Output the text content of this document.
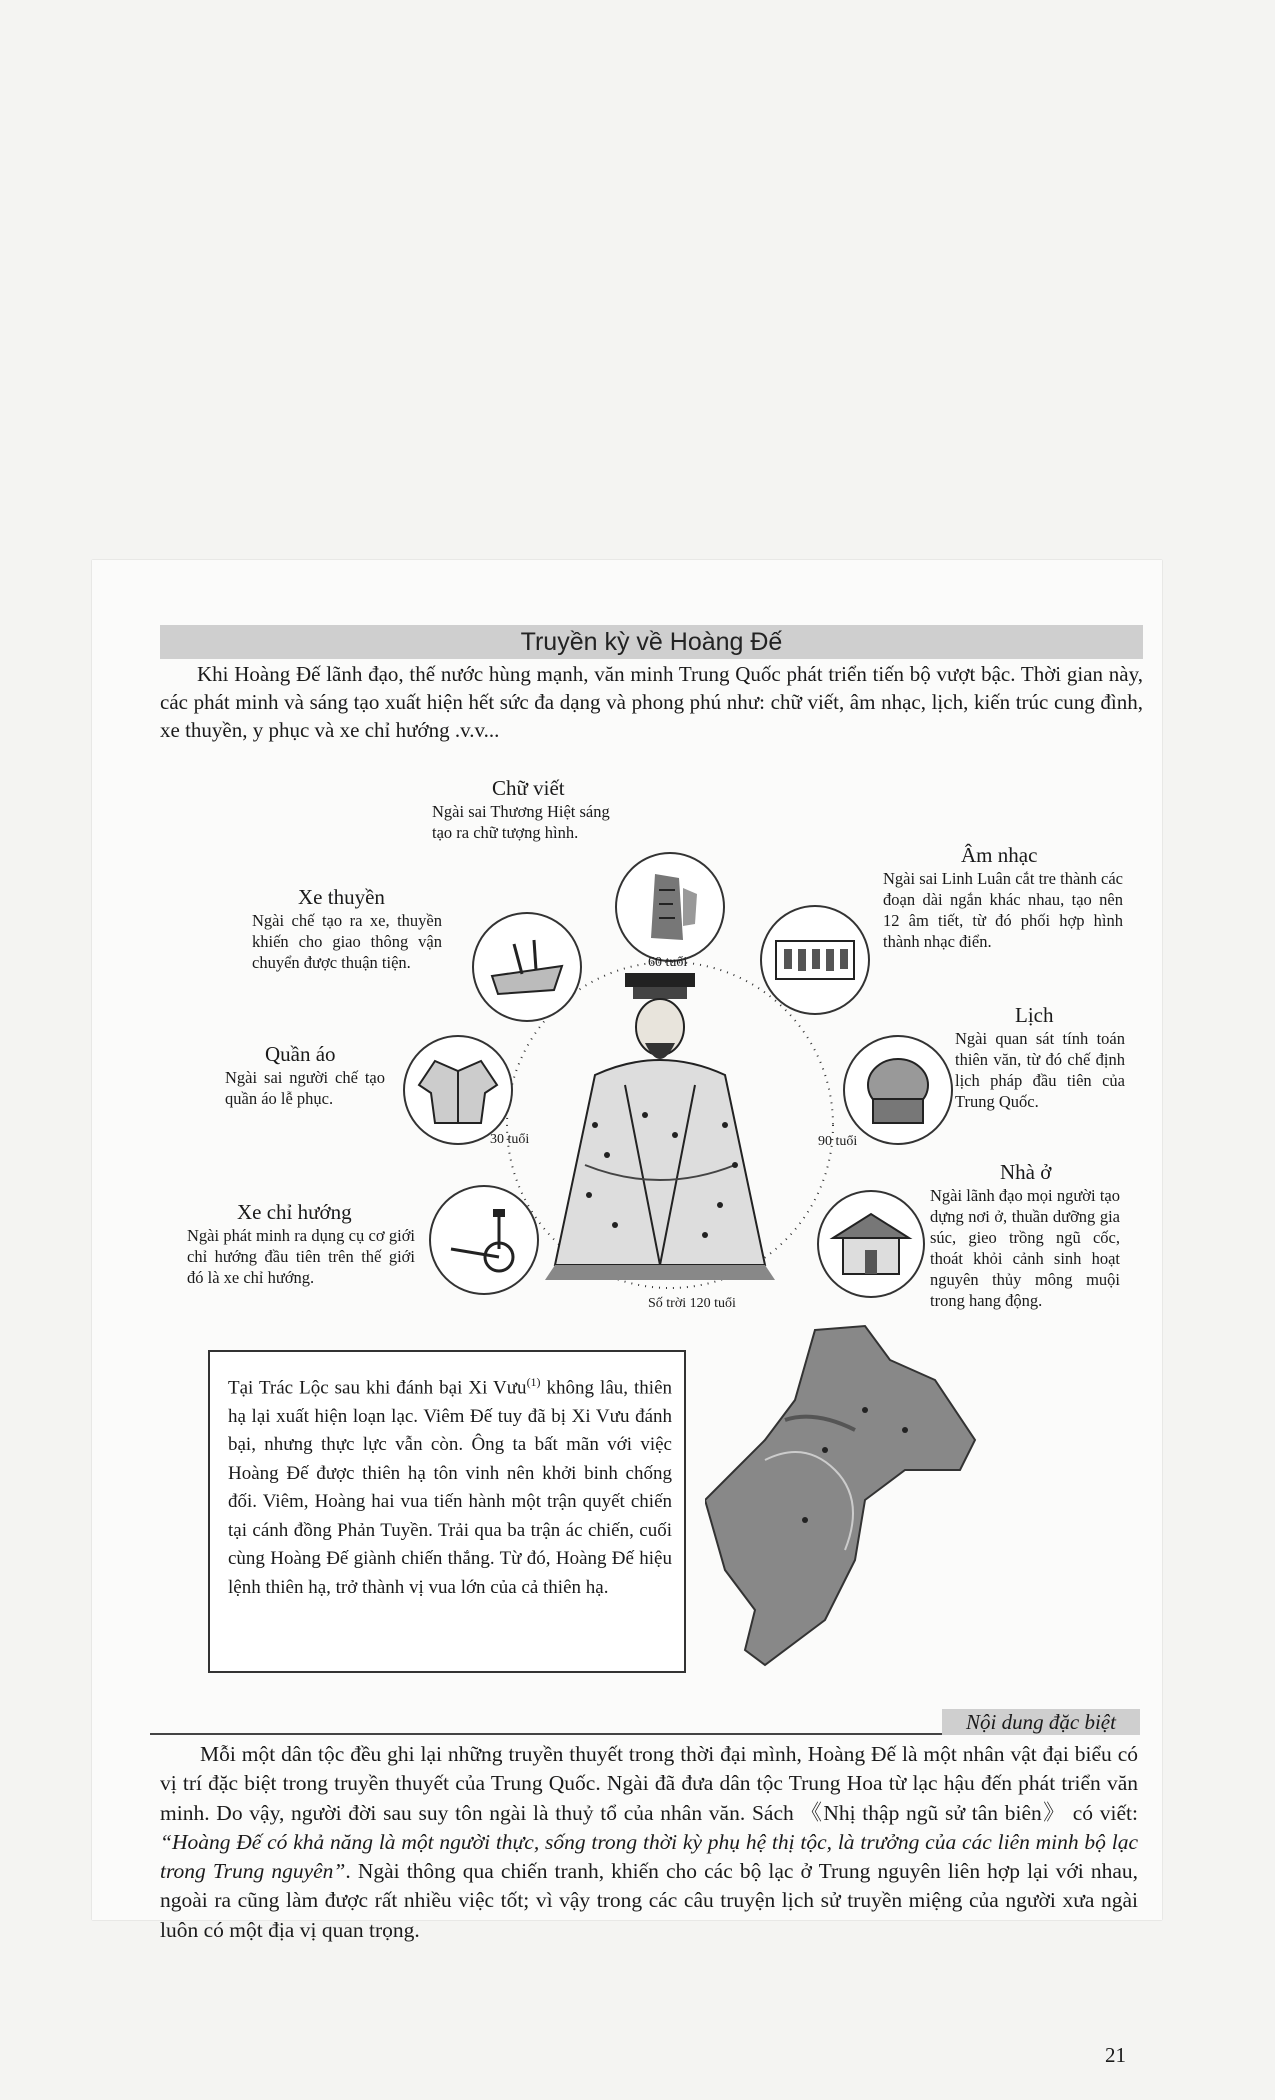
Truyền kỳ về Hoàng Đế

Khi Hoàng Đế lãnh đạo, thế nước hùng mạnh, văn minh Trung Quốc phát triển tiến bộ vượt bậc. Thời gian này, các phát minh và sáng tạo xuất hiện hết sức đa dạng và phong phú như: chữ viết, âm nhạc, lịch, kiến trúc cung đình, xe thuyền, y phục và xe chỉ hướng .v.v...

Chữ viết

Ngài sai Thương Hiệt sáng tạo ra chữ tượng hình.

Âm nhạc

Ngài sai Linh Luân cắt tre thành các đoạn dài ngắn khác nhau, tạo nên 12 âm tiết, từ đó phối hợp hình thành nhạc điển.

Xe thuyền

Ngài chế tạo ra xe, thuyền khiến cho giao thông vận chuyển được thuận tiện.

Lịch

Ngài quan sát tính toán thiên văn, từ đó chế định lịch pháp đầu tiên của Trung Quốc.

Quần áo

Ngài sai người chế tạo quần áo lễ phục.

Nhà ở

Ngài lãnh đạo mọi người tạo dựng nơi ở, thuần dưỡng gia súc, gieo trồng ngũ cốc, thoát khỏi cảnh sinh hoạt nguyên thủy mông muội trong hang động.

Xe chỉ hướng

Ngài phát minh ra dụng cụ cơ giới chỉ hướng đầu tiên trên thế giới đó là xe chỉ hướng.

60 tuổi
30 tuổi	90 tuổi
Số trời 120 tuổi

Tại Trác Lộc sau khi đánh bại Xi Vưu$^{(1)}$ không lâu, thiên hạ lại xuất hiện loạn lạc. Viêm Đế tuy đã bị Xi Vưu đánh bại, nhưng thực lực vẫn còn. Ông ta bất mãn với việc Hoàng Đế được thiên hạ tôn vinh nên khởi binh chống đối. Viêm, Hoàng hai vua tiến hành một trận quyết chiến tại cánh đồng Phản Tuyền. Trải qua ba trận ác chiến, cuối cùng Hoàng Đế giành chiến thắng. Từ đó, Hoàng Đế hiệu lệnh thiên hạ, trở thành vị vua lớn của cả thiên hạ.

Nội dung đặc biệt

Mỗi một dân tộc đều ghi lại những truyền thuyết trong thời đại mình, Hoàng Đế là một nhân vật đại biểu có vị trí đặc biệt trong truyền thuyết của Trung Quốc. Ngài đã đưa dân tộc Trung Hoa từ lạc hậu đến phát triển văn minh. Do vậy, người đời sau suy tôn ngài là thuỷ tổ của nhân văn. Sách 《Nhị thập ngũ sử tân biên》 có viết: “Hoàng Đế có khả năng là một người thực, sống trong thời kỳ phụ hệ thị tộc, là trưởng của các liên minh bộ lạc trong Trung nguyên”. Ngài thông qua chiến tranh, khiến cho các bộ lạc ở Trung nguyên liên hợp lại với nhau, ngoài ra cũng làm được rất nhiều việc tốt; vì vậy trong các câu truyện lịch sử truyền miệng của người xưa ngài luôn có một địa vị quan trọng.

21
